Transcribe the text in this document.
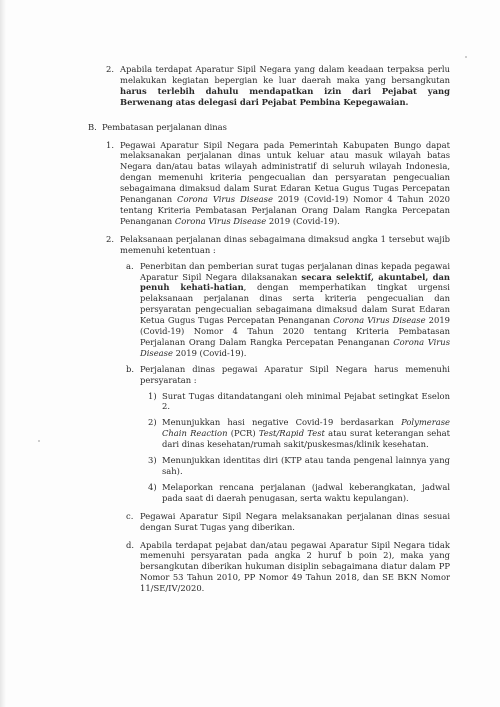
2. Apabila terdapat Aparatur Sipil Negara yang dalam keadaan terpaksa perlu melakukan kegiatan bepergian ke luar daerah maka yang bersangkutan harus terlebih dahulu mendapatkan izin dari Pejabat yang Berwenang atas delegasi dari Pejabat Pembina Kepegawaian.

B. Pembatasan perjalanan dinas
1. Pegawai Aparatur Sipil Negara pada Pemerintah Kabupaten Bungo dapat melaksanakan perjalanan dinas untuk keluar atau masuk wilayah batas Negara dan/atau batas wilayah administratif di seluruh wilayah Indonesia, dengan memenuhi kriteria pengecualian dan persyaratan pengecualian sebagaimana dimaksud dalam Surat Edaran Ketua Gugus Tugas Percepatan Penanganan Corona Virus Disease 2019 (Covid-19) Nomor 4 Tahun 2020 tentang Kriteria Pembatasan Perjalanan Orang Dalam Rangka Percepatan Penanganan Corona Virus Disease 2019 (Covid-19).

2. Pelaksanaan perjalanan dinas sebagaimana dimaksud angka 1 tersebut wajib memenuhi ketentuan :

a. Penerbitan dan pemberian surat tugas perjalanan dinas kepada pegawai Aparatur Sipil Negara dilaksanakan secara selektif, akuntabel, dan penuh kehati-hatian, dengan memperhatikan tingkat urgensi pelaksanaan perjalanan dinas serta kriteria pengecualian dan persyaratan pengecualian sebagaimana dimaksud dalam Surat Edaran Ketua Gugus Tugas Percepatan Penanganan Corona Virus Disease 2019 (Covid-19) Nomor 4 Tahun 2020 tentang Kriteria Pembatasan Perjalanan Orang Dalam Rangka Percepatan Penanganan Corona Virus Disease 2019 (Covid-19).

b. Perjalanan dinas pegawai Aparatur Sipil Negara harus memenuhi persyaratan :

1) Surat Tugas ditandatangani oleh minimal Pejabat setingkat Eselon 2.

2) Menunjukkan hasi negative Covid-19 berdasarkan Polymerase Chain Reaction (PCR) Test/Rapid Test atau surat keterangan sehat dari dinas kesehatan/rumah sakit/puskesmas/klinik kesehatan.

3) Menunjukkan identitas diri (KTP atau tanda pengenal lainnya yang sah).

4) Melaporkan rencana perjalanan (jadwal keberangkatan, jadwal pada saat di daerah penugasan, serta waktu kepulangan).

c. Pegawai Aparatur Sipil Negara melaksanakan perjalanan dinas sesuai dengan Surat Tugas yang diberikan.

d. Apabila terdapat pejabat dan/atau pegawai Aparatur Sipil Negara tidak memenuhi persyaratan pada angka 2 huruf b poin 2), maka yang bersangkutan diberikan hukuman disiplin sebagaimana diatur dalam PP Nomor 53 Tahun 2010, PP Nomor 49 Tahun 2018, dan SE BKN Nomor 11/SE/IV/2020.
